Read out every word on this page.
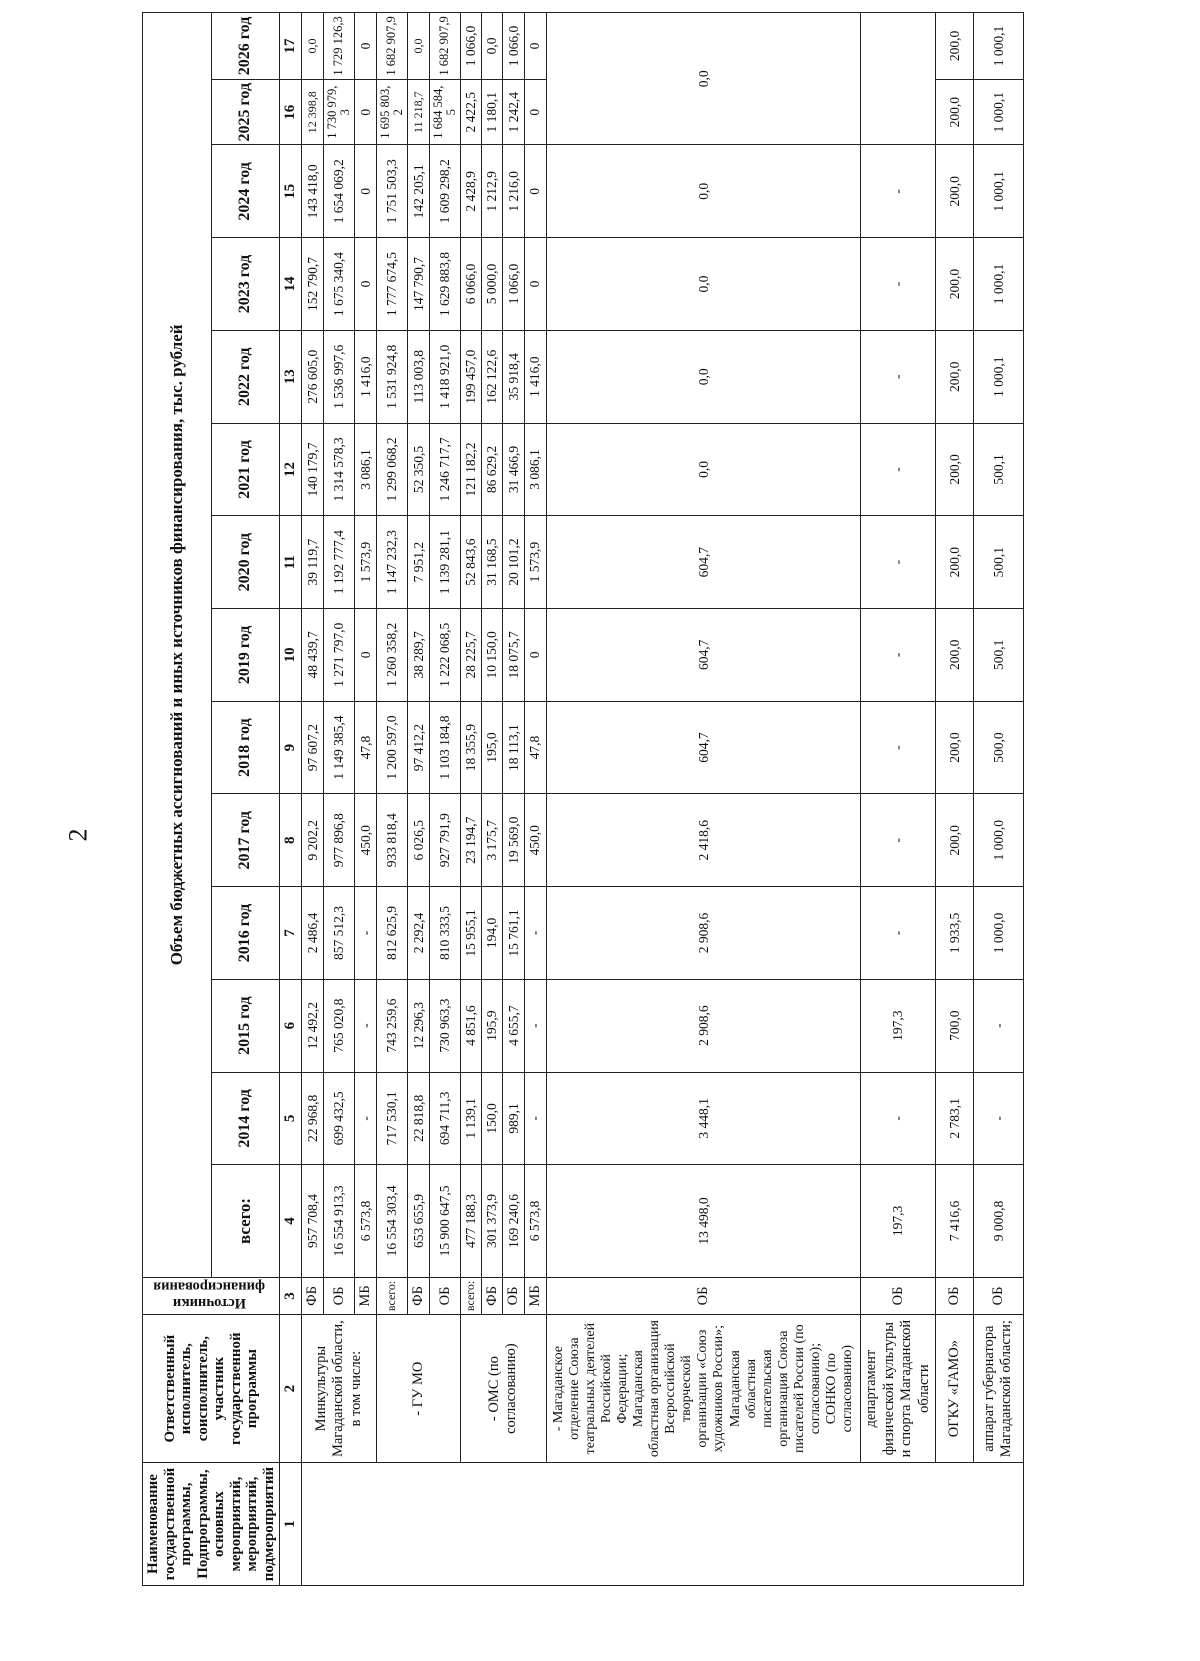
2
Наименование государственной программы, Подпрограммы, основных мероприятий, мероприятий, подмероприятий	Ответственный исполнитель, соисполнитель, участник государственной программы	Источники финансирования	Объем бюджетных ассигнований и иных источников финансирования, тыс. рублей													
			всего:	2014 год	2015 год	2016 год	2017 год	2018 год	2019 год	2020 год	2021 год	2022 год	2023 год	2024 год	2025 год	2026 год
1	2	3	4	5	6	7	8	9	10	11	12	13	14	15	16	17
	Минкультуры Магаданской области, в том числе:	ФБ	957 708,4	22 968,8	12 492,2	2 486,4	9 202,2	97 607,2	48 439,7	39 119,7	140 179,7	276 605,0	152 790,7	143 418,0	12 398,8	0,0
		ОБ	16 554 913,3	699 432,5	765 020,8	857 512,3	977 896,8	1 149 385,4	1 271 797,0	1 192 777,4	1 314 578,3	1 536 997,6	1 675 340,4	1 654 069,2	1 730 979,3	1 729 126,3
		МБ	6 573,8	-	-	-	450,0	47,8	0	1 573,9	3 086,1	1 416,0	0	0	0	0
	- ГУ МО	всего:	16 554 303,4	717 530,1	743 259,6	812 625,9	933 818,4	1 200 597,0	1 260 358,2	1 147 232,3	1 299 068,2	1 531 924,8	1 777 674,5	1 751 503,3	1 695 803,2	1 682 907,9
		ФБ	653 655,9	22 818,8	12 296,3	2 292,4	6 026,5	97 412,2	38 289,7	7 951,2	52 350,5	113 003,8	147 790,7	142 205,1	11 218,7	0,0
		ОБ	15 900 647,5	694 711,3	730 963,3	810 333,5	927 791,9	1 103 184,8	1 222 068,5	1 139 281,1	1 246 717,7	1 418 921,0	1 629 883,8	1 609 298,2	1 684 584,5	1 682 907,9
	- ОМС (по согласованию)	всего:	477 188,3	1 139,1	4 851,6	15 955,1	23 194,7	18 355,9	28 225,7	52 843,6	121 182,2	199 457,0	6 066,0	2 428,9	2 422,5	1 066,0
		ФБ	301 373,9	150,0	195,9	194,0	3 175,7	195,0	10 150,0	31 168,5	86 629,2	162 122,6	5 000,0	1 212,9	1 180,1	0,0
		ОБ	169 240,6	989,1	4 655,7	15 761,1	19 569,0	18 113,1	18 075,7	20 101,2	31 466,9	35 918,4	1 066,0	1 216,0	1 242,4	1 066,0
		МБ	6 573,8	-	-	-	450,0	47,8	0	1 573,9	3 086,1	1 416,0	0	0	0	0

	- Магаданское отделение Союза театральных деятелей Российской Федерации; Магаданская областная организация Всероссийской творческой организации «Союз художников России»; Магаданская областная писательская организация Союза писателей России (по согласованию); СОНКО (по согласованию)	ОБ	13 498,0	3 448,1	2 908,6	2 908,6	2 418,6	604,7	604,7	604,7	0,0	0,0	0,0	0,0	0,0	
	департамент физической культуры и спорта Магаданской области	ОБ	197,3	-	197,3	-	-	-	-	-	-	-	-	-		
	ОГКУ «ГАМО»	ОБ	7 416,6	2 783,1	700,0	1 933,5	200,0	200,0	200,0	200,0	200,0	200,0	200,0	200,0	200,0	200,0
	аппарат губернатора Магаданской области;	ОБ	9 000,8	-	-	1 000,0	1 000,0	500,0	500,1	500,1	500,1	1 000,1	1 000,1	1 000,1	1 000,1	1 000,1
